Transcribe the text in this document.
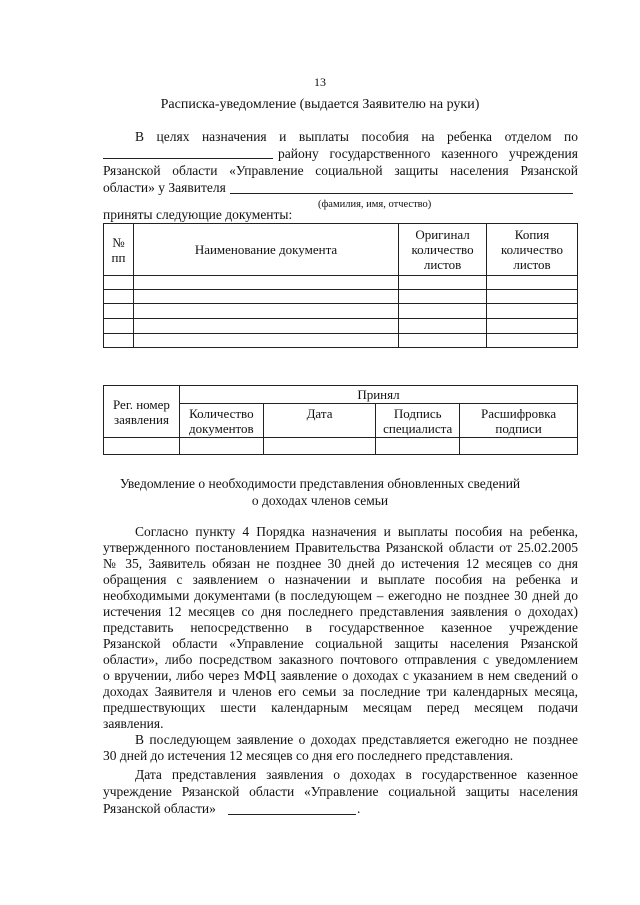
13
Расписка-уведомление (выдается Заявителю на руки)
В целях назначения и выплаты пособия на ребенка отделом по
району государственного казенного учреждения
Рязанской области «Управление социальной защиты населения Рязанской
области» у Заявителя
(фамилия, имя, отчество)
приняты следующие документы:
№ пп	Наименование документа	Оригинал количество листов	Копия количество листов

Рег. номер заявления	Принял			
	Количество документов	Дата	Подпись специалиста	Расшифровка подписи

Уведомление о необходимости представления обновленных сведений
о доходах членов семьи
Согласно пункту 4 Порядка назначения и выплаты пособия на ребенка,
утвержденного постановлением Правительства Рязанской области от 25.02.2005
№ 35, Заявитель обязан не позднее 30 дней до истечения 12 месяцев со дня
обращения с заявлением о назначении и выплате пособия на ребенка и
необходимыми документами (в последующем – ежегодно не позднее 30 дней до
истечения 12 месяцев со дня последнего представления заявления о доходах)
представить непосредственно в государственное казенное учреждение
Рязанской области «Управление социальной защиты населения Рязанской
области», либо посредством заказного почтового отправления с уведомлением
о вручении, либо через МФЦ заявление о доходах с указанием в нем сведений о
доходах Заявителя и членов его семьи за последние три календарных месяца,
предшествующих шести календарным месяцам перед месяцем подачи
заявления.
В последующем заявление о доходах представляется ежегодно не позднее
30 дней до истечения 12 месяцев со дня его последнего представления.
Дата представления заявления о доходах в государственное казенное
учреждение Рязанской области «Управление социальной защиты населения
Рязанской области»	.
